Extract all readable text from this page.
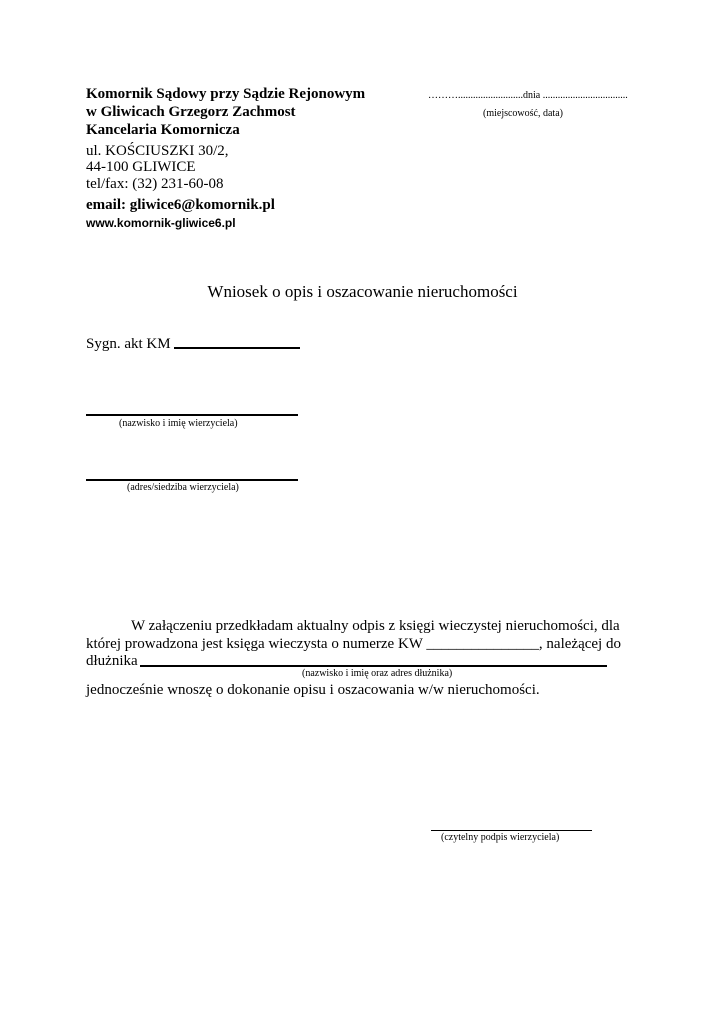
Komornik Sądowy przy Sądzie Rejonowym
w Gliwicach Grzegorz Zachmost
Kancelaria Komornicza
ul. KOŚCIUSZKI 30/2,
44-100 GLIWICE
tel/fax: (32) 231-60-08
email: gliwice6@komornik.pl
www.komornik-gliwice6.pl
………..........................dnia ..................................
(miejscowość, data)
Wniosek o opis i oszacowanie nieruchomości
Sygn. akt KM
(nazwisko i imię wierzyciela)
(adres/siedziba wierzyciela)
W załączeniu przedkładam aktualny odpis z księgi wieczystej nieruchomości, dla
której prowadzona jest księga wieczysta o numerze KW _______________, należącej do
dłużnika
(nazwisko i imię oraz adres dłużnika)
jednocześnie wnoszę o dokonanie opisu i oszacowania w/w nieruchomości.
(czytelny podpis wierzyciela)
